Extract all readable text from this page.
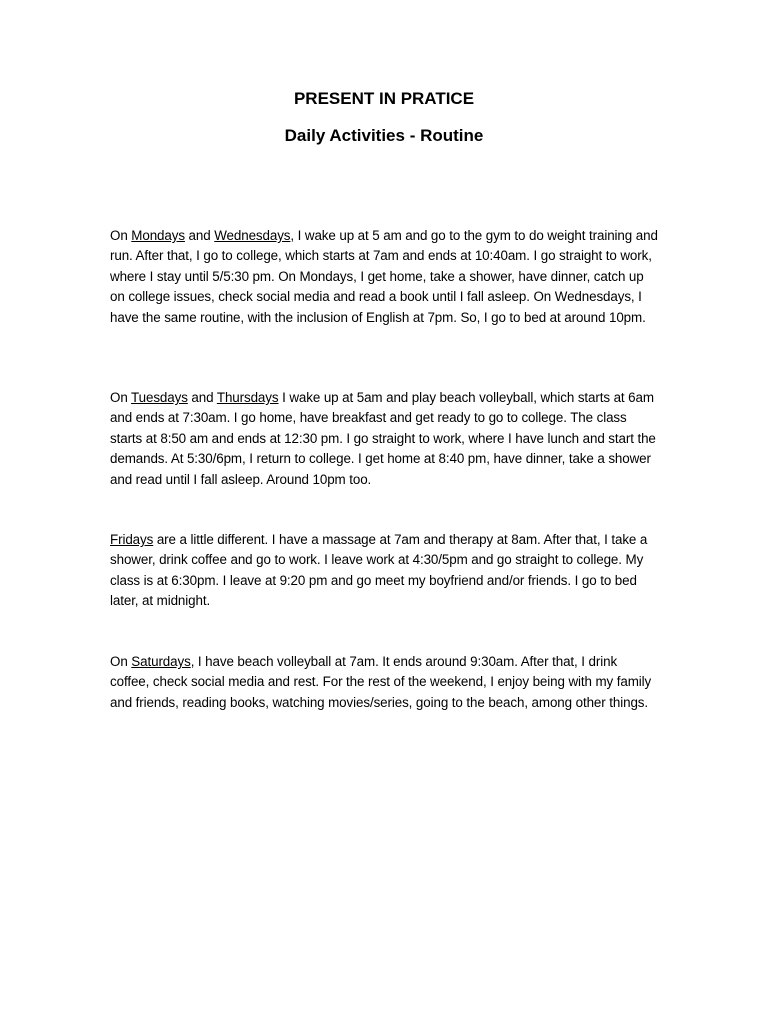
PRESENT IN PRATICE
Daily Activities - Routine

On Mondays and Wednesdays, I wake up at 5 am and go to the gym to do weight training and run. After that, I go to college, which starts at 7am and ends at 10:40am. I go straight to work, where I stay until 5/5:30 pm. On Mondays, I get home, take a shower, have dinner, catch up on college issues, check social media and read a book until I fall asleep. On Wednesdays, I have the same routine, with the inclusion of English at 7pm. So, I go to bed at around 10pm.

On Tuesdays and Thursdays I wake up at 5am and play beach volleyball, which starts at 6am and ends at 7:30am. I go home, have breakfast and get ready to go to college. The class starts at 8:50 am and ends at 12:30 pm. I go straight to work, where I have lunch and start the demands. At 5:30/6pm, I return to college. I get home at 8:40 pm, have dinner, take a shower and read until I fall asleep. Around 10pm too.

Fridays are a little different. I have a massage at 7am and therapy at 8am. After that, I take a shower, drink coffee and go to work. I leave work at 4:30/5pm and go straight to college. My class is at 6:30pm. I leave at 9:20 pm and go meet my boyfriend and/or friends. I go to bed later, at midnight.

On Saturdays, I have beach volleyball at 7am. It ends around 9:30am. After that, I drink coffee, check social media and rest. For the rest of the weekend, I enjoy being with my family and friends, reading books, watching movies/series, going to the beach, among other things.
